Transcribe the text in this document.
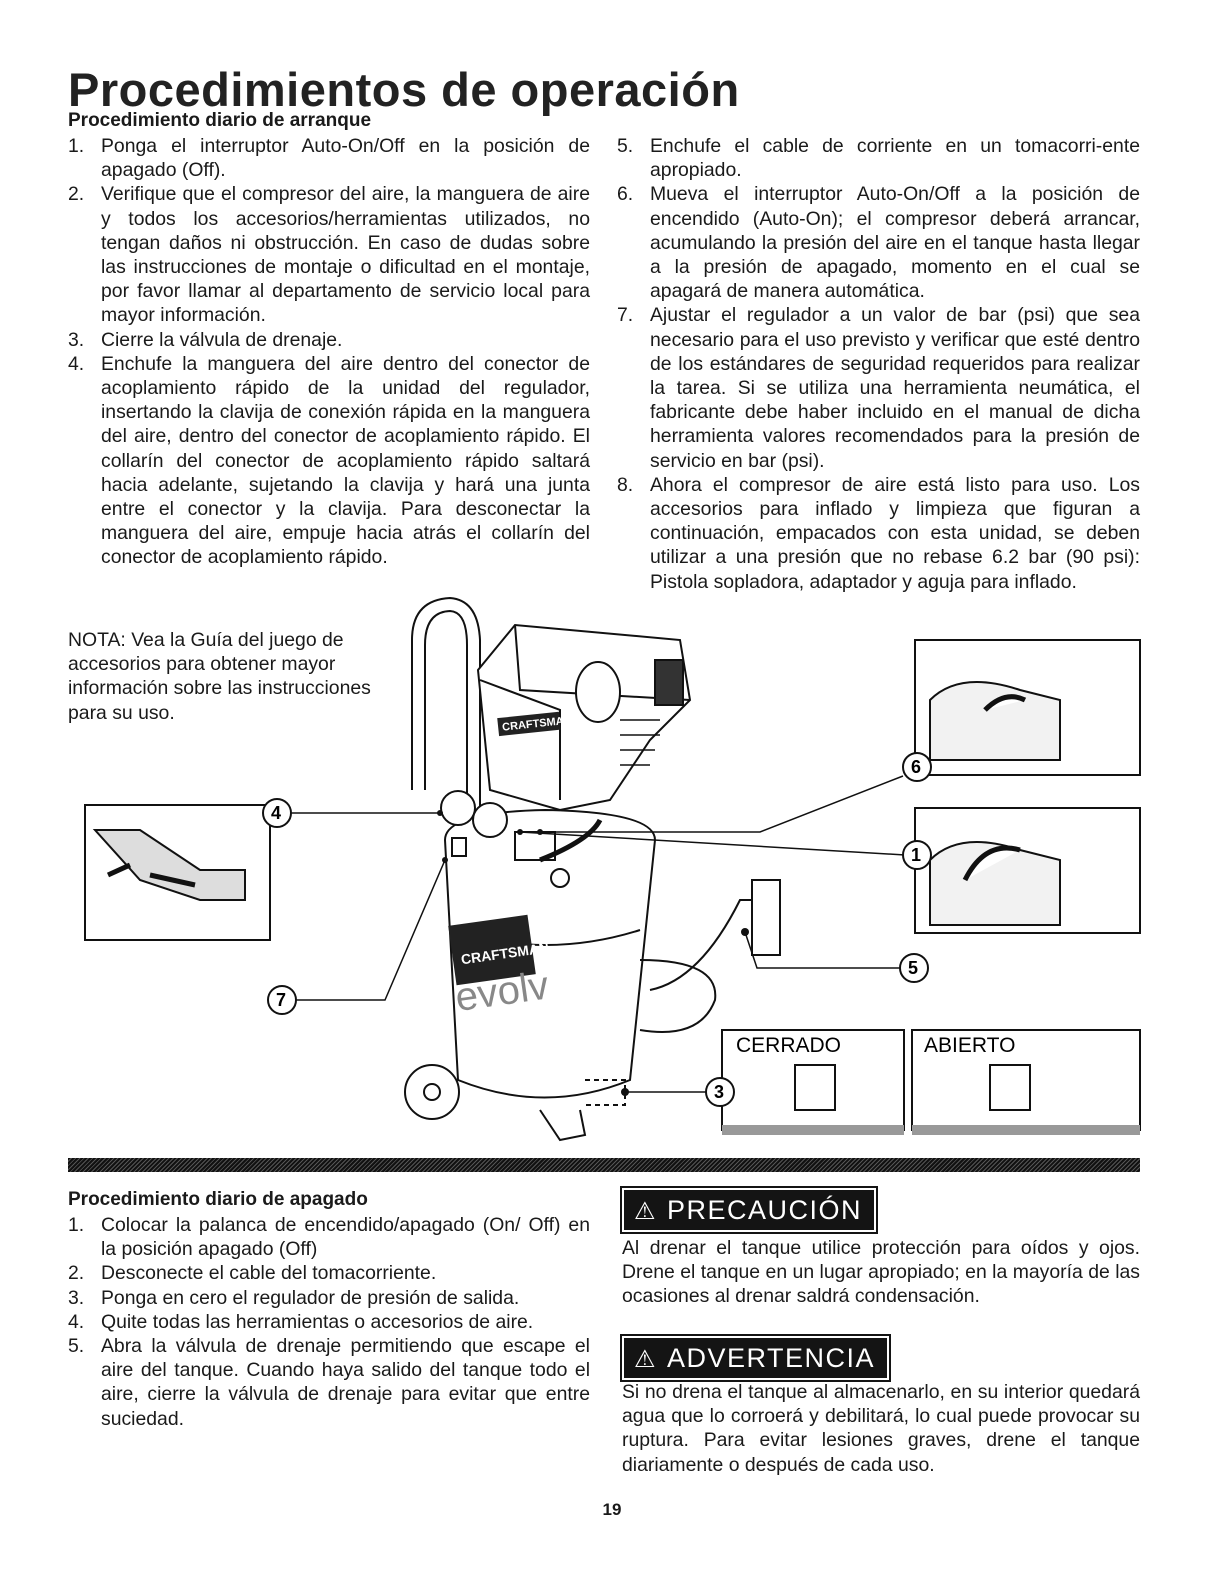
Procedimientos de operación
Procedimiento diario de arranque
1. Ponga el interruptor Auto-On/Off en la posición de apagado (Off).
2. Verifique que el compresor del aire, la manguera de aire y todos los accesorios/herramientas utilizados, no tengan daños ni obstrucción. En caso de dudas sobre las instrucciones de montaje o dificultad en el montaje, por favor llamar al departamento de servicio local para mayor información.
3. Cierre la válvula de drenaje.
4. Enchufe la manguera del aire dentro del conector de acoplamiento rápido de la unidad del regulador, insertando la clavija de conexión rápida en la manguera del aire, dentro del conector de acoplamiento rápido. El collarín del conector de acoplamiento rápido saltará hacia adelante, sujetando la clavija y hará una junta entre el conector y la clavija. Para desconectar la manguera del aire, empuje hacia atrás el collarín del conector de acoplamiento rápido.
5. Enchufe el cable de corriente en un tomacorri-ente apropiado.
6. Mueva el interruptor Auto-On/Off a la posición de encendido (Auto-On); el compresor deberá arrancar, acumulando la presión del aire en el tanque hasta llegar a la presión de apagado, momento en el cual se apagará de manera automática.
7. Ajustar el regulador a un valor de bar (psi) que sea necesario para el uso previsto y verificar que esté dentro de los estándares de seguridad requeridos para realizar la tarea. Si se utiliza una herramienta neumática, el fabricante debe haber incluido en el manual de dicha herramienta valores recomendados para la presión de servicio en bar (psi).
8. Ahora el compresor de aire está listo para uso. Los accesorios para inflado y limpieza que figuran a continuación, empacados con esta unidad, se deben utilizar a una presión que no rebase 6.2 bar (90 psi): Pistola sopladora, adaptador y aguja para inflado.
NOTA: Vea la Guía del juego de accesorios para obtener mayor información sobre las instrucciones para su uso.
CRAFTSMAN
CRAFTSMAN
evolv
CERRADO	ABIERTO
4
7
6
1
5
3
Procedimiento diario de apagado
1. Colocar la palanca de encendido/apagado (On/ Off) en la posición apagado (Off)
2. Desconecte el cable del tomacorriente.
3. Ponga en cero el regulador de presión de salida.
4. Quite todas las herramientas o accesorios de aire.
5. Abra la válvula de drenaje permitiendo que escape el aire del tanque. Cuando haya salido del tanque todo el aire, cierre la válvula de drenaje para evitar que entre suciedad.
⚠ PRECAUCIÓN
Al drenar el tanque utilice protección para oídos y ojos. Drene el tanque en un lugar apropiado; en la mayoría de las ocasiones al drenar saldrá condensación.
⚠ ADVERTENCIA
Si no drena el tanque al almacenarlo, en su interior quedará agua que lo corroerá y debilitará, lo cual puede provocar su ruptura. Para evitar lesiones graves, drene el tanque diariamente o después de cada uso.
19
